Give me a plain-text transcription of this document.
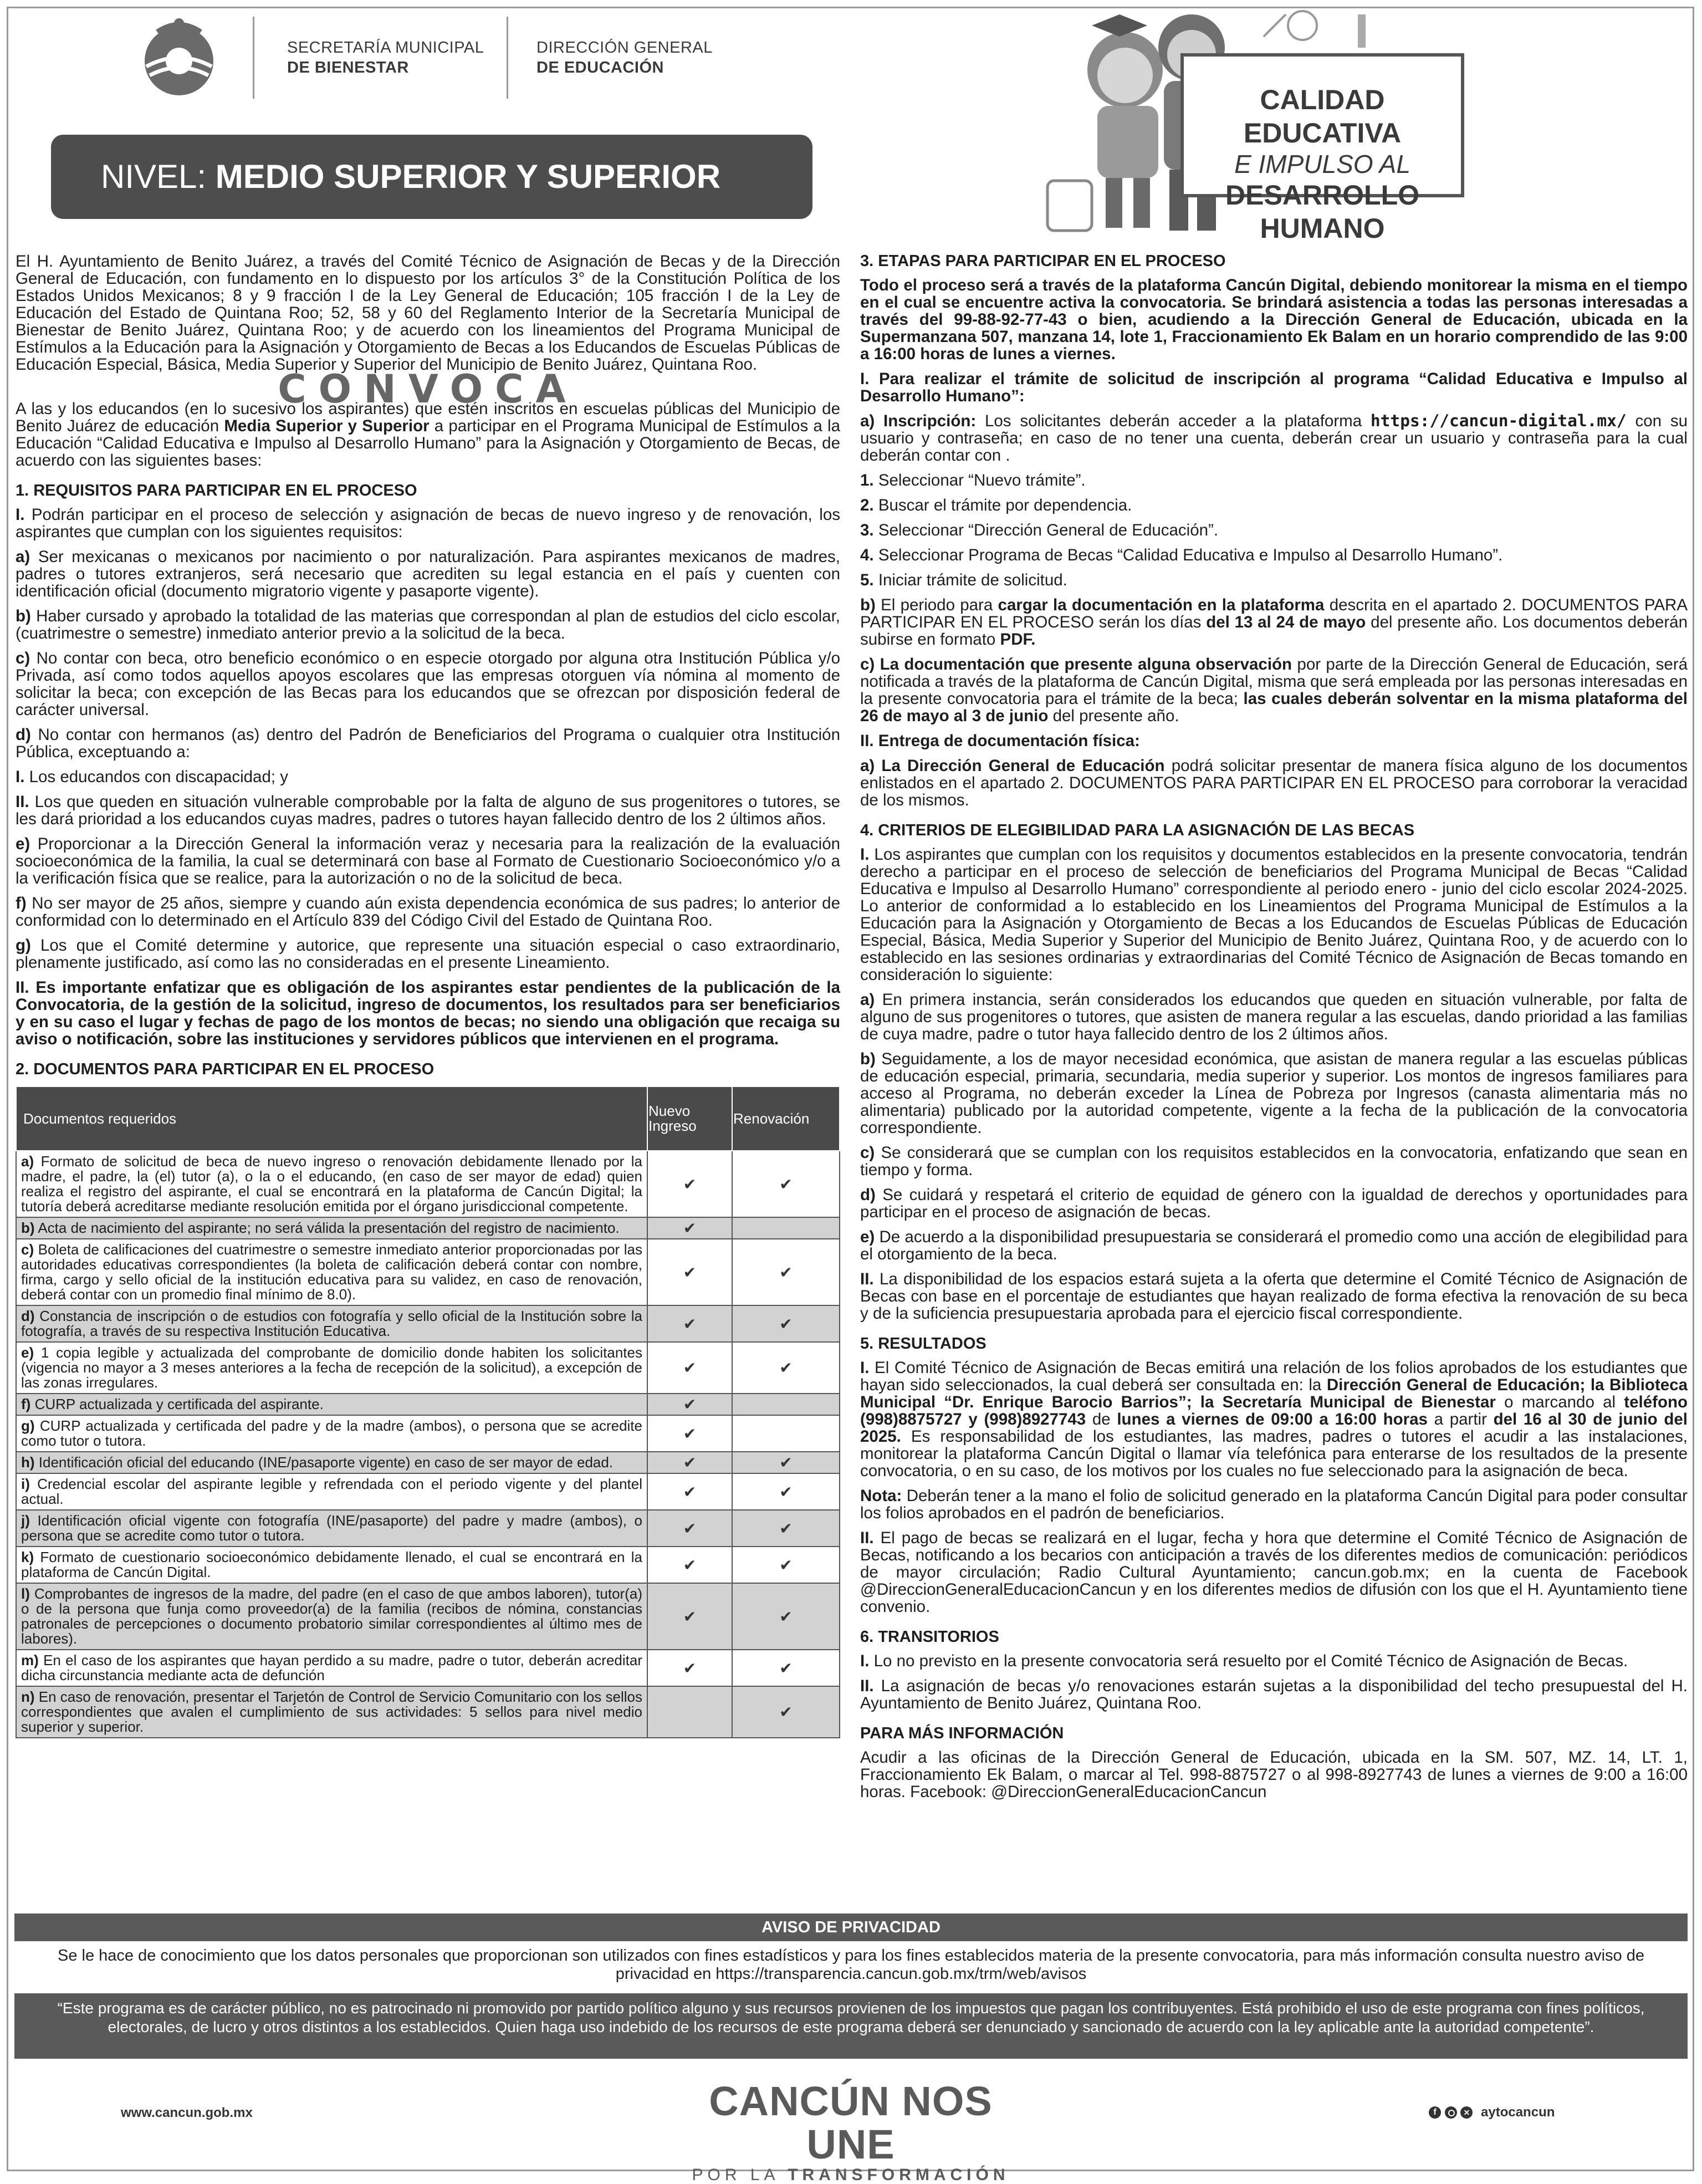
SECRETARÍA MUNICIPAL
DE BIENESTAR
DIRECCIÓN GENERAL
DE EDUCACIÓN
CALIDAD EDUCATIVA
E IMPULSO AL
DESARROLLO HUMANO
NIVEL: MEDIO SUPERIOR Y SUPERIOR

El H. Ayuntamiento de Benito Juárez, a través del Comité Técnico de Asignación de Becas y de la Dirección General de Educación, con fundamento en lo dispuesto por los artículos 3° de la Constitución Política de los Estados Unidos Mexicanos; 8 y 9 fracción I de la Ley General de Educación; 105 fracción I de la Ley de Educación del Estado de Quintana Roo; 52, 58 y 60 del Reglamento Interior de la Secretaría Municipal de Bienestar de Benito Juárez, Quintana Roo; y de acuerdo con los lineamientos del Programa Municipal de Estímulos a la Educación para la Asignación y Otorgamiento de Becas a los Educandos de Escuelas Públicas de Educación Especial, Básica, Media Superior y Superior del Municipio de Benito Juárez, Quintana Roo.

CONVOCA

A las y los educandos (en lo sucesivo los aspirantes) que estén inscritos en escuelas públicas del Municipio de Benito Juárez de educación Media Superior y Superior a participar en el Programa Municipal de Estímulos a la Educación “Calidad Educativa e Impulso al Desarrollo Humano” para la Asignación y Otorgamiento de Becas, de acuerdo con las siguientes bases:

1. REQUISITOS PARA PARTICIPAR EN EL PROCESO

I. Podrán participar en el proceso de selección y asignación de becas de nuevo ingreso y de renovación, los aspirantes que cumplan con los siguientes requisitos:

a) Ser mexicanas o mexicanos por nacimiento o por naturalización. Para aspirantes mexicanos de madres, padres o tutores extranjeros, será necesario que acrediten su legal estancia en el país y cuenten con identificación oficial (documento migratorio vigente y pasaporte vigente).

b) Haber cursado y aprobado la totalidad de las materias que correspondan al plan de estudios del ciclo escolar, (cuatrimestre o semestre) inmediato anterior previo a la solicitud de la beca.

c) No contar con beca, otro beneficio económico o en especie otorgado por alguna otra Institución Pública y/o Privada, así como todos aquellos apoyos escolares que las empresas otorguen vía nómina al momento de solicitar la beca; con excepción de las Becas para los educandos que se ofrezcan por disposición federal de carácter universal.

d) No contar con hermanos (as) dentro del Padrón de Beneficiarios del Programa o cualquier otra Institución Pública, exceptuando a:

I. Los educandos con discapacidad; y

II. Los que queden en situación vulnerable comprobable por la falta de alguno de sus progenitores o tutores, se les dará prioridad a los educandos cuyas madres, padres o tutores hayan fallecido dentro de los 2 últimos años.

e) Proporcionar a la Dirección General la información veraz y necesaria para la realización de la evaluación socioeconómica de la familia, la cual se determinará con base al Formato de Cuestionario Socioeconómico y/o a la verificación física que se realice, para la autorización o no de la solicitud de beca.

f) No ser mayor de 25 años, siempre y cuando aún exista dependencia económica de sus padres; lo anterior de conformidad con lo determinado en el Artículo 839 del Código Civil del Estado de Quintana Roo.

g) Los que el Comité determine y autorice, que represente una situación especial o caso extraordinario, plenamente justificado, así como las no consideradas en el presente Lineamiento.

II. Es importante enfatizar que es obligación de los aspirantes estar pendientes de la publicación de la Convocatoria, de la gestión de la solicitud, ingreso de documentos, los resultados para ser beneficiarios y en su caso el lugar y fechas de pago de los montos de becas; no siendo una obligación que recaiga su aviso o notificación, sobre las instituciones y servidores públicos que intervienen en el programa.

2. DOCUMENTOS PARA PARTICIPAR EN EL PROCESO
Documentos requeridos	Nuevo Ingreso	Renovación
a) Formato de solicitud de beca de nuevo ingreso o renovación debidamente llenado por la madre, el padre, la (el) tutor (a), o la o el educando, (en caso de ser mayor de edad) quien realiza el registro del aspirante, el cual se encontrará en la plataforma de Cancún Digital; la tutoría deberá acreditarse mediante resolución emitida por el órgano jurisdiccional competente.	✔	✔
b) Acta de nacimiento del aspirante; no será válida la presentación del registro de nacimiento.	✔	
c) Boleta de calificaciones del cuatrimestre o semestre inmediato anterior proporcionadas por las autoridades educativas correspondientes (la boleta de calificación deberá contar con nombre, firma, cargo y sello oficial de la institución educativa para su validez, en caso de renovación, deberá contar con un promedio final mínimo de 8.0).	✔	✔
d) Constancia de inscripción o de estudios con fotografía y sello oficial de la Institución sobre la fotografía, a través de su respectiva Institución Educativa.	✔	✔
e) 1 copia legible y actualizada del comprobante de domicilio donde habiten los solicitantes (vigencia no mayor a 3 meses anteriores a la fecha de recepción de la solicitud), a excepción de las zonas irregulares.	✔	✔
f) CURP actualizada y certificada del aspirante.	✔	
g) CURP actualizada y certificada del padre y de la madre (ambos), o persona que se acredite como tutor o tutora.	✔	
h) Identificación oficial del educando (INE/pasaporte vigente) en caso de ser mayor de edad.	✔	✔
i) Credencial escolar del aspirante legible y refrendada con el periodo vigente y del plantel actual.	✔	✔
j) Identificación oficial vigente con fotografía (INE/pasaporte) del padre y madre (ambos), o persona que se acredite como tutor o tutora.	✔	✔
k) Formato de cuestionario socioeconómico debidamente llenado, el cual se encontrará en la plataforma de Cancún Digital.	✔	✔
l) Comprobantes de ingresos de la madre, del padre (en el caso de que ambos laboren), tutor(a) o de la persona que funja como proveedor(a) de la familia (recibos de nómina, constancias patronales de percepciones o documento probatorio similar correspondientes al último mes de labores).	✔	✔
m) En el caso de los aspirantes que hayan perdido a su madre, padre o tutor, deberán acreditar dicha circunstancia mediante acta de defunción	✔	✔
n) En caso de renovación, presentar el Tarjetón de Control de Servicio Comunitario con los sellos correspondientes que avalen el cumplimiento de sus actividades: 5 sellos para nivel medio superior y superior.		✔
3. ETAPAS PARA PARTICIPAR EN EL PROCESO

Todo el proceso será a través de la plataforma Cancún Digital, debiendo monitorear la misma en el tiempo en el cual se encuentre activa la convocatoria. Se brindará asistencia a todas las personas interesadas a través del 99-88-92-77-43 o bien, acudiendo a la Dirección General de Educación, ubicada en la Supermanzana 507, manzana 14, lote 1, Fraccionamiento Ek Balam en un horario comprendido de las 9:00 a 16:00 horas de lunes a viernes.

I. Para realizar el trámite de solicitud de inscripción al programa “Calidad Educativa e Impulso al Desarrollo Humano”:

a) Inscripción: Los solicitantes deberán acceder a la plataforma https://cancun-digital.mx/ con su usuario y contraseña; en caso de no tener una cuenta, deberán crear un usuario y contraseña para la cual deberán contar con .

1. Seleccionar “Nuevo trámite”.

2. Buscar el trámite por dependencia.

3. Seleccionar “Dirección General de Educación”.

4. Seleccionar Programa de Becas “Calidad Educativa e Impulso al Desarrollo Humano”.

5. Iniciar trámite de solicitud.

b) El periodo para cargar la documentación en la plataforma descrita en el apartado 2. DOCUMENTOS PARA PARTICIPAR EN EL PROCESO serán los días del 13 al 24 de mayo del presente año. Los documentos deberán subirse en formato PDF.

c) La documentación que presente alguna observación por parte de la Dirección General de Educación, será notificada a través de la plataforma de Cancún Digital, misma que será empleada por las personas interesadas en la presente convocatoria para el trámite de la beca; las cuales deberán solventar en la misma plataforma del 26 de mayo al 3 de junio del presente año.

II. Entrega de documentación física:

a) La Dirección General de Educación podrá solicitar presentar de manera física alguno de los documentos enlistados en el apartado 2. DOCUMENTOS PARA PARTICIPAR EN EL PROCESO para corroborar la veracidad de los mismos.

4. CRITERIOS DE ELEGIBILIDAD PARA LA ASIGNACIÓN DE LAS BECAS

I. Los aspirantes que cumplan con los requisitos y documentos establecidos en la presente convocatoria, tendrán derecho a participar en el proceso de selección de beneficiarios del Programa Municipal de Becas “Calidad Educativa e Impulso al Desarrollo Humano” correspondiente al periodo enero - junio del ciclo escolar 2024-2025. Lo anterior de conformidad a lo establecido en los Lineamientos del Programa Municipal de Estímulos a la Educación para la Asignación y Otorgamiento de Becas a los Educandos de Escuelas Públicas de Educación Especial, Básica, Media Superior y Superior del Municipio de Benito Juárez, Quintana Roo, y de acuerdo con lo establecido en las sesiones ordinarias y extraordinarias del Comité Técnico de Asignación de Becas tomando en consideración lo siguiente:

a) En primera instancia, serán considerados los educandos que queden en situación vulnerable, por falta de alguno de sus progenitores o tutores, que asisten de manera regular a las escuelas, dando prioridad a las familias de cuya madre, padre o tutor haya fallecido dentro de los 2 últimos años.

b) Seguidamente, a los de mayor necesidad económica, que asistan de manera regular a las escuelas públicas de educación especial, primaria, secundaria, media superior y superior. Los montos de ingresos familiares para acceso al Programa, no deberán exceder la Línea de Pobreza por Ingresos (canasta alimentaria más no alimentaria) publicado por la autoridad competente, vigente a la fecha de la publicación de la convocatoria correspondiente.

c) Se considerará que se cumplan con los requisitos establecidos en la convocatoria, enfatizando que sean en tiempo y forma.

d) Se cuidará y respetará el criterio de equidad de género con la igualdad de derechos y oportunidades para participar en el proceso de asignación de becas.

e) De acuerdo a la disponibilidad presupuestaria se considerará el promedio como una acción de elegibilidad para el otorgamiento de la beca.

II. La disponibilidad de los espacios estará sujeta a la oferta que determine el Comité Técnico de Asignación de Becas con base en el porcentaje de estudiantes que hayan realizado de forma efectiva la renovación de su beca y de la suficiencia presupuestaria aprobada para el ejercicio fiscal correspondiente.

5. RESULTADOS

I. El Comité Técnico de Asignación de Becas emitirá una relación de los folios aprobados de los estudiantes que hayan sido seleccionados, la cual deberá ser consultada en: la Dirección General de Educación; la Biblioteca Municipal “Dr. Enrique Barocio Barrios”; la Secretaría Municipal de Bienestar o marcando al teléfono (998)8875727 y (998)8927743 de lunes a viernes de 09:00 a 16:00 horas a partir del 16 al 30 de junio del 2025. Es responsabilidad de los estudiantes, las madres, padres o tutores el acudir a las instalaciones, monitorear la plataforma Cancún Digital o llamar vía telefónica para enterarse de los resultados de la presente convocatoria, o en su caso, de los motivos por los cuales no fue seleccionado para la asignación de beca.

Nota: Deberán tener a la mano el folio de solicitud generado en la plataforma Cancún Digital para poder consultar los folios aprobados en el padrón de beneficiarios.

II. El pago de becas se realizará en el lugar, fecha y hora que determine el Comité Técnico de Asignación de Becas, notificando a los becarios con anticipación a través de los diferentes medios de comunicación: periódicos de mayor circulación; Radio Cultural Ayuntamiento; cancun.gob.mx; en la cuenta de Facebook @DireccionGeneralEducacionCancun y en los diferentes medios de difusión con los que el H. Ayuntamiento tiene convenio.

6. TRANSITORIOS

I. Lo no previsto en la presente convocatoria será resuelto por el Comité Técnico de Asignación de Becas.

II. La asignación de becas y/o renovaciones estarán sujetas a la disponibilidad del techo presupuestal del H. Ayuntamiento de Benito Juárez, Quintana Roo.

PARA MÁS INFORMACIÓN

Acudir a las oficinas de la Dirección General de Educación, ubicada en la SM. 507, MZ. 14, LT. 1, Fraccionamiento Ek Balam, o marcar al Tel. 998-8875727 o al 998-8927743 de lunes a viernes de 9:00 a 16:00 horas. Facebook: @DireccionGeneralEducacionCancun

AVISO DE PRIVACIDAD
Se le hace de conocimiento que los datos personales que proporcionan son utilizados con fines estadísticos y para los fines establecidos materia de la presente convocatoria, para más información consulta nuestro aviso de privacidad en https://transparencia.cancun.gob.mx/trm/web/avisos
“Este programa es de carácter público, no es patrocinado ni promovido por partido político alguno y sus recursos provienen de los impuestos que pagan los contribuyentes. Está prohibido el uso de este programa con fines políticos, electorales, de lucro y otros distintos a los establecidos. Quien haga uso indebido de los recursos de este programa deberá ser denunciado y sancionado de acuerdo con la ley aplicable ante la autoridad competente”.
www.cancun.gob.mx	CANCÚN NOS UNE
POR LA TRANSFORMACIÓN
f	✕ aytocancun
